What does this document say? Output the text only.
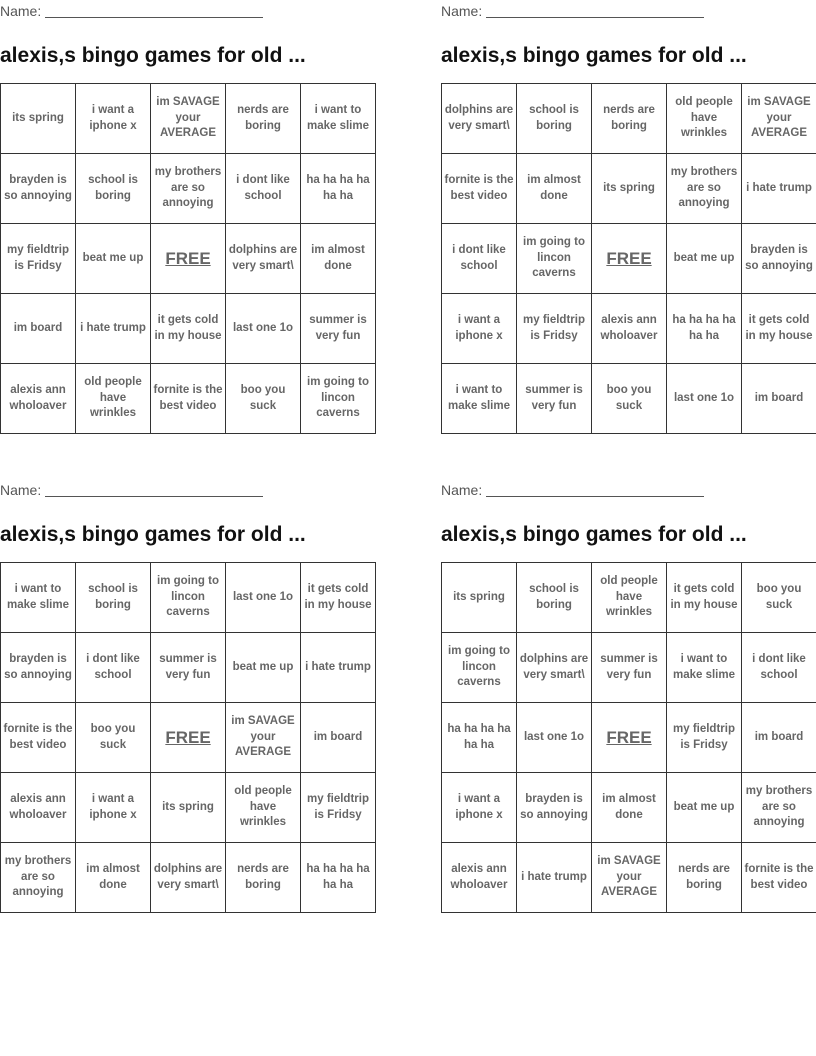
Name:
alexis,s bingo games for old ...
its spring	i want a iphone x	im SAVAGE your AVERAGE	nerds are boring	i want to make slime
brayden is so annoying	school is boring	my brothers are so annoying	i dont like school	ha ha ha ha ha ha
my fieldtrip is Fridsy	beat me up	FREE	dolphins are very smart\	im almost done
im board	i hate trump	it gets cold in my house	last one 1o	summer is very fun
alexis ann wholoaver	old people have wrinkles	fornite is the best video	boo you suck	im going to lincon caverns
Name:
alexis,s bingo games for old ...
dolphins are very smart\	school is boring	nerds are boring	old people have wrinkles	im SAVAGE your AVERAGE
fornite is the best video	im almost done	its spring	my brothers are so annoying	i hate trump
i dont like school	im going to lincon caverns	FREE	beat me up	brayden is so annoying
i want a iphone x	my fieldtrip is Fridsy	alexis ann wholoaver	ha ha ha ha ha ha	it gets cold in my house
i want to make slime	summer is very fun	boo you suck	last one 1o	im board
Name:
alexis,s bingo games for old ...
i want to make slime	school is boring	im going to lincon caverns	last one 1o	it gets cold in my house
brayden is so annoying	i dont like school	summer is very fun	beat me up	i hate trump
fornite is the best video	boo you suck	FREE	im SAVAGE your AVERAGE	im board
alexis ann wholoaver	i want a iphone x	its spring	old people have wrinkles	my fieldtrip is Fridsy
my brothers are so annoying	im almost done	dolphins are very smart\	nerds are boring	ha ha ha ha ha ha
Name:
alexis,s bingo games for old ...
its spring	school is boring	old people have wrinkles	it gets cold in my house	boo you suck
im going to lincon caverns	dolphins are very smart\	summer is very fun	i want to make slime	i dont like school
ha ha ha ha ha ha	last one 1o	FREE	my fieldtrip is Fridsy	im board
i want a iphone x	brayden is so annoying	im almost done	beat me up	my brothers are so annoying
alexis ann wholoaver	i hate trump	im SAVAGE your AVERAGE	nerds are boring	fornite is the best video
